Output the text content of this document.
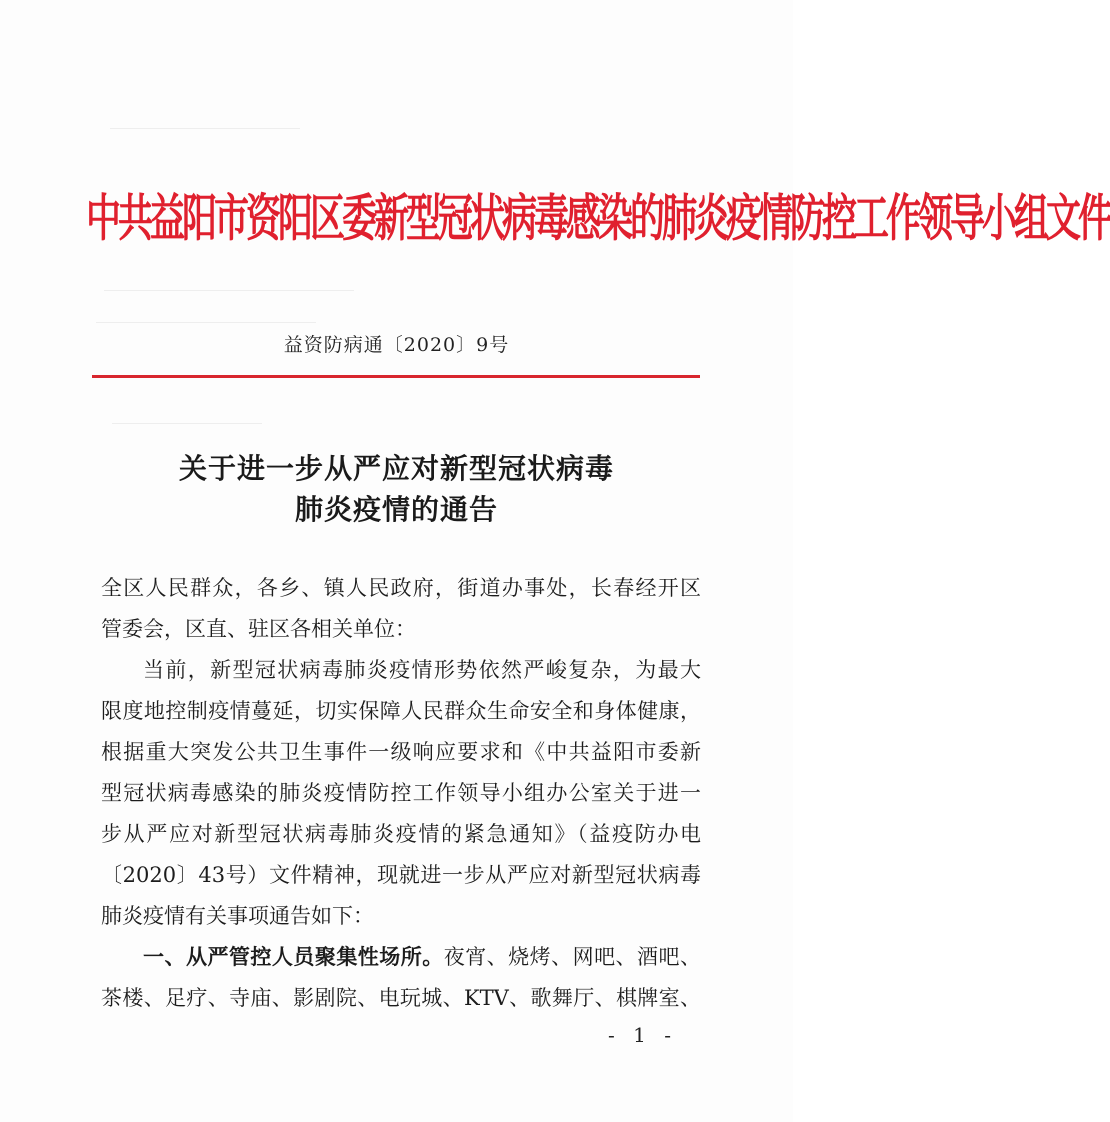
中共益阳市资阳区委新型冠状病毒感染的肺炎疫情防控工作领导小组文件
益资防病通〔2020〕9号
关于进一步从严应对新型冠状病毒
肺炎疫情的通告
全区人民群众，各乡、镇人民政府，街道办事处，长春经开区
管委会，区直、驻区各相关单位：
当前，新型冠状病毒肺炎疫情形势依然严峻复杂，为最大
限度地控制疫情蔓延，切实保障人民群众生命安全和身体健康，
根据重大突发公共卫生事件一级响应要求和《中共益阳市委新
型冠状病毒感染的肺炎疫情防控工作领导小组办公室关于进一
步从严应对新型冠状病毒肺炎疫情的紧急通知》（益疫防办电
〔2020〕43号）文件精神，现就进一步从严应对新型冠状病毒
肺炎疫情有关事项通告如下：
一、从严管控人员聚集性场所。夜宵、烧烤、网吧、酒吧、
茶楼、足疗、寺庙、影剧院、电玩城、KTV、歌舞厅、棋牌室、
- 1 -
